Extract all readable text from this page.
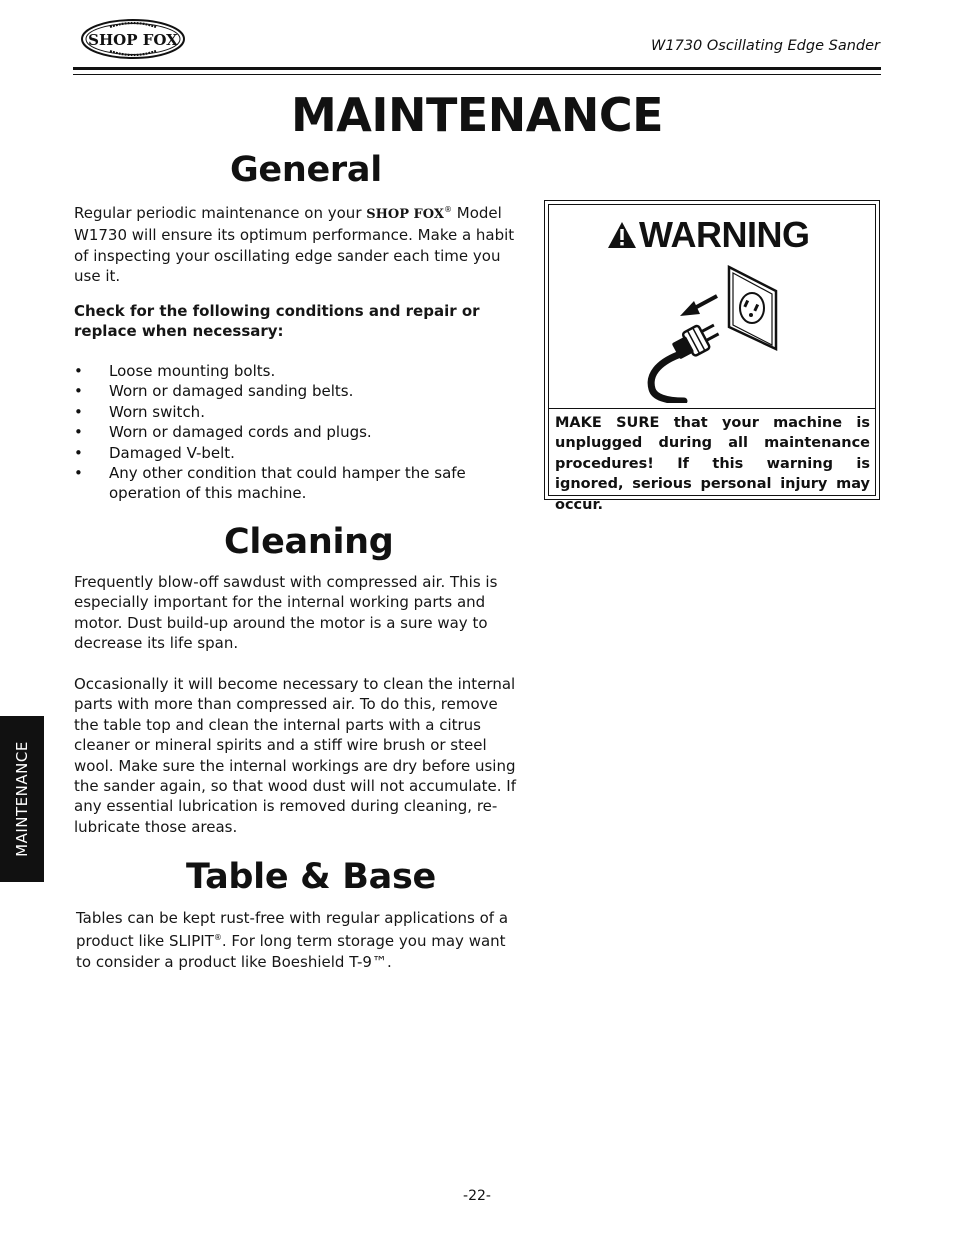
SHOP FOX	W1730 Oscillating Edge Sander
MAINTENANCE
General

Regular periodic maintenance on your SHOP FOX® Model W1730 will ensure its optimum performance. Make a habit of inspecting your oscillating edge sander each time you use it.

Check for the following conditions and repair or replace when necessary:

• Loose mounting bolts.
• Worn or damaged sanding belts.
• Worn switch.
• Worn or damaged cords and plugs.
• Damaged V-belt.
• Any other condition that could hamper the safe operation of this machine.
WARNING
MAKE SURE that your machine is unplugged during all maintenance procedures! If this warning is ignored, serious personal injury may occur.
Cleaning

Frequently blow-off sawdust with compressed air. This is especially important for the internal working parts and motor. Dust build-up around the motor is a sure way to decrease its life span.

Occasionally it will become necessary to clean the internal parts with more than compressed air. To do this, remove the table top and clean the internal parts with a citrus cleaner or mineral spirits and a stiff wire brush or steel wool. Make sure the internal workings are dry before using the sander again, so that wood dust will not accumulate. If any essential lubrication is removed during cleaning, re-lubricate those areas.

Table & Base

Tables can be kept rust-free with regular applications of a product like SLIPIT®. For long term storage you may want to consider a product like Boeshield T-9™.

MAINTENANCE
-22-
